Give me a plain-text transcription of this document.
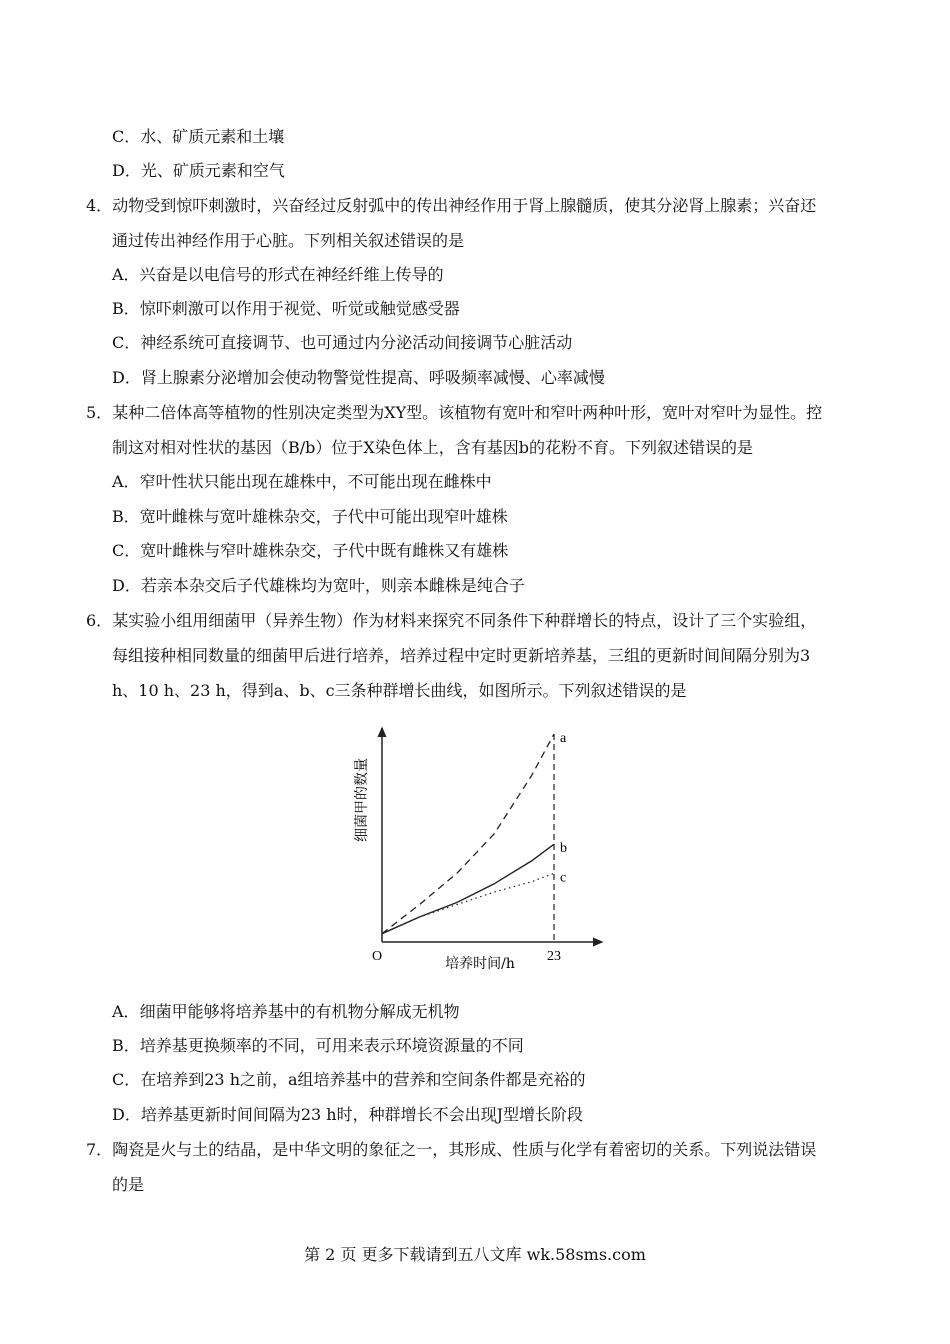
C．水、矿质元素和土壤
D．光、矿质元素和空气
4．动物受到惊吓刺激时，兴奋经过反射弧中的传出神经作用于肾上腺髓质，使其分泌肾上腺素；兴奋还
通过传出神经作用于心脏。下列相关叙述错误的是
A．兴奋是以电信号的形式在神经纤维上传导的
B．惊吓刺激可以作用于视觉、听觉或触觉感受器
C．神经系统可直接调节、也可通过内分泌活动间接调节心脏活动
D．肾上腺素分泌增加会使动物警觉性提高、呼吸频率减慢、心率减慢
5．某种二倍体高等植物的性别决定类型为XY型。该植物有宽叶和窄叶两种叶形，宽叶对窄叶为显性。控
制这对相对性状的基因（B/b）位于X染色体上，含有基因b的花粉不育。下列叙述错误的是
A．窄叶性状只能出现在雄株中，不可能出现在雌株中
B．宽叶雌株与宽叶雄株杂交，子代中可能出现窄叶雄株
C．宽叶雌株与窄叶雄株杂交，子代中既有雌株又有雄株
D．若亲本杂交后子代雄株均为宽叶，则亲本雌株是纯合子
6．某实验小组用细菌甲（异养生物）作为材料来探究不同条件下种群增长的特点，设计了三个实验组，
每组接种相同数量的细菌甲后进行培养，培养过程中定时更新培养基，三组的更新时间间隔分别为3
h、10 h、23 h，得到a、b、c三条种群增长曲线，如图所示。下列叙述错误的是
a
b
c
O	23
培养时间/h
细菌甲的数量
A．细菌甲能够将培养基中的有机物分解成无机物
B．培养基更换频率的不同，可用来表示环境资源量的不同
C．在培养到23 h之前，a组培养基中的营养和空间条件都是充裕的
D．培养基更新时间间隔为23 h时，种群增长不会出现J型增长阶段
7．陶瓷是火与土的结晶，是中华文明的象征之一，其形成、性质与化学有着密切的关系。下列说法错误
的是
第 2 页 更多下载请到五八文库 wk.58sms.com
